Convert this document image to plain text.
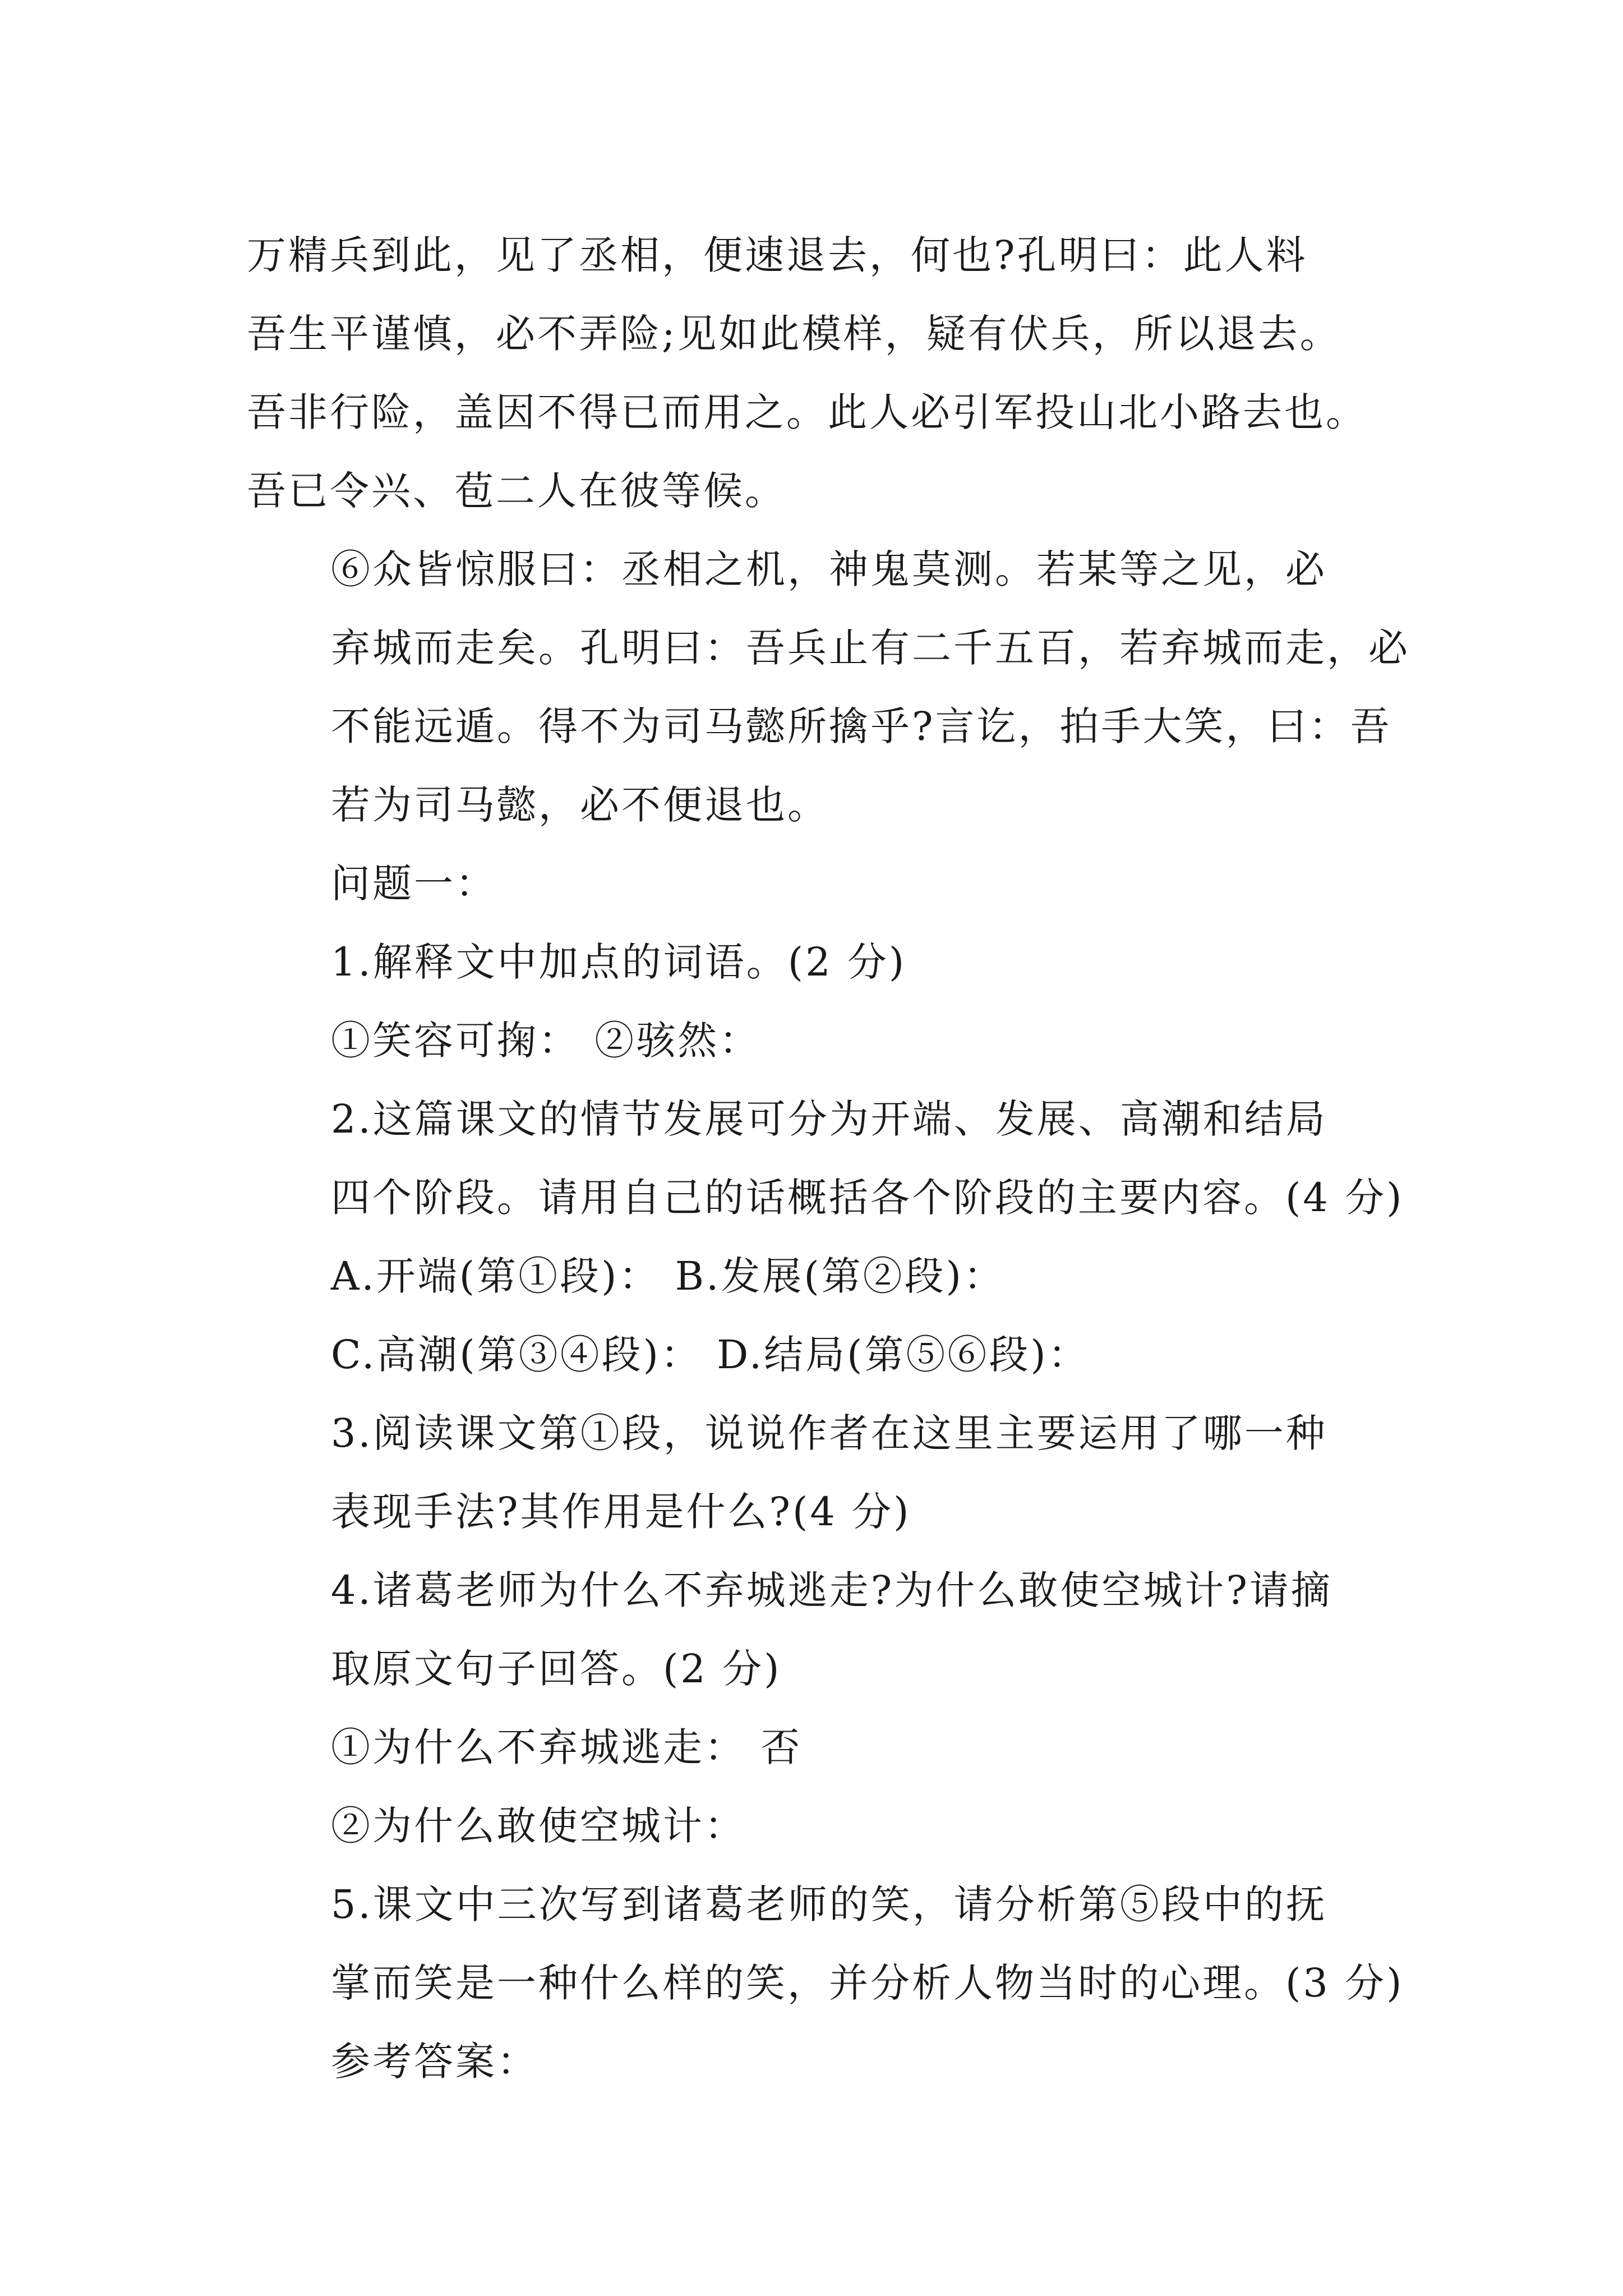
万精兵到此，见了丞相，便速退去，何也?孔明曰：此人料
吾生平谨慎，必不弄险;见如此模样，疑有伏兵，所以退去。
吾非行险，盖因不得已而用之。此人必引军投山北小路去也。
吾已令兴、苞二人在彼等候。
⑥众皆惊服曰：丞相之机，神鬼莫测。若某等之见，必
弃城而走矣。孔明曰：吾兵止有二千五百，若弃城而走，必
不能远遁。得不为司马懿所擒乎?言讫，拍手大笑，曰：吾
若为司马懿，必不便退也。
问题一：
1.解释文中加点的词语。(2 分)
①笑容可掬： ②骇然：
2.这篇课文的情节发展可分为开端、发展、高潮和结局
四个阶段。请用自己的话概括各个阶段的主要内容。(4 分)
A.开端(第①段)： B.发展(第②段)：
C.高潮(第③④段)： D.结局(第⑤⑥段)：
3.阅读课文第①段，说说作者在这里主要运用了哪一种
表现手法?其作用是什么?(4 分)
4.诸葛老师为什么不弃城逃走?为什么敢使空城计?请摘
取原文句子回答。(2 分)
①为什么不弃城逃走： 否
②为什么敢使空城计：
5.课文中三次写到诸葛老师的笑，请分析第⑤段中的抚
掌而笑是一种什么样的笑，并分析人物当时的心理。(3 分)
参考答案：
